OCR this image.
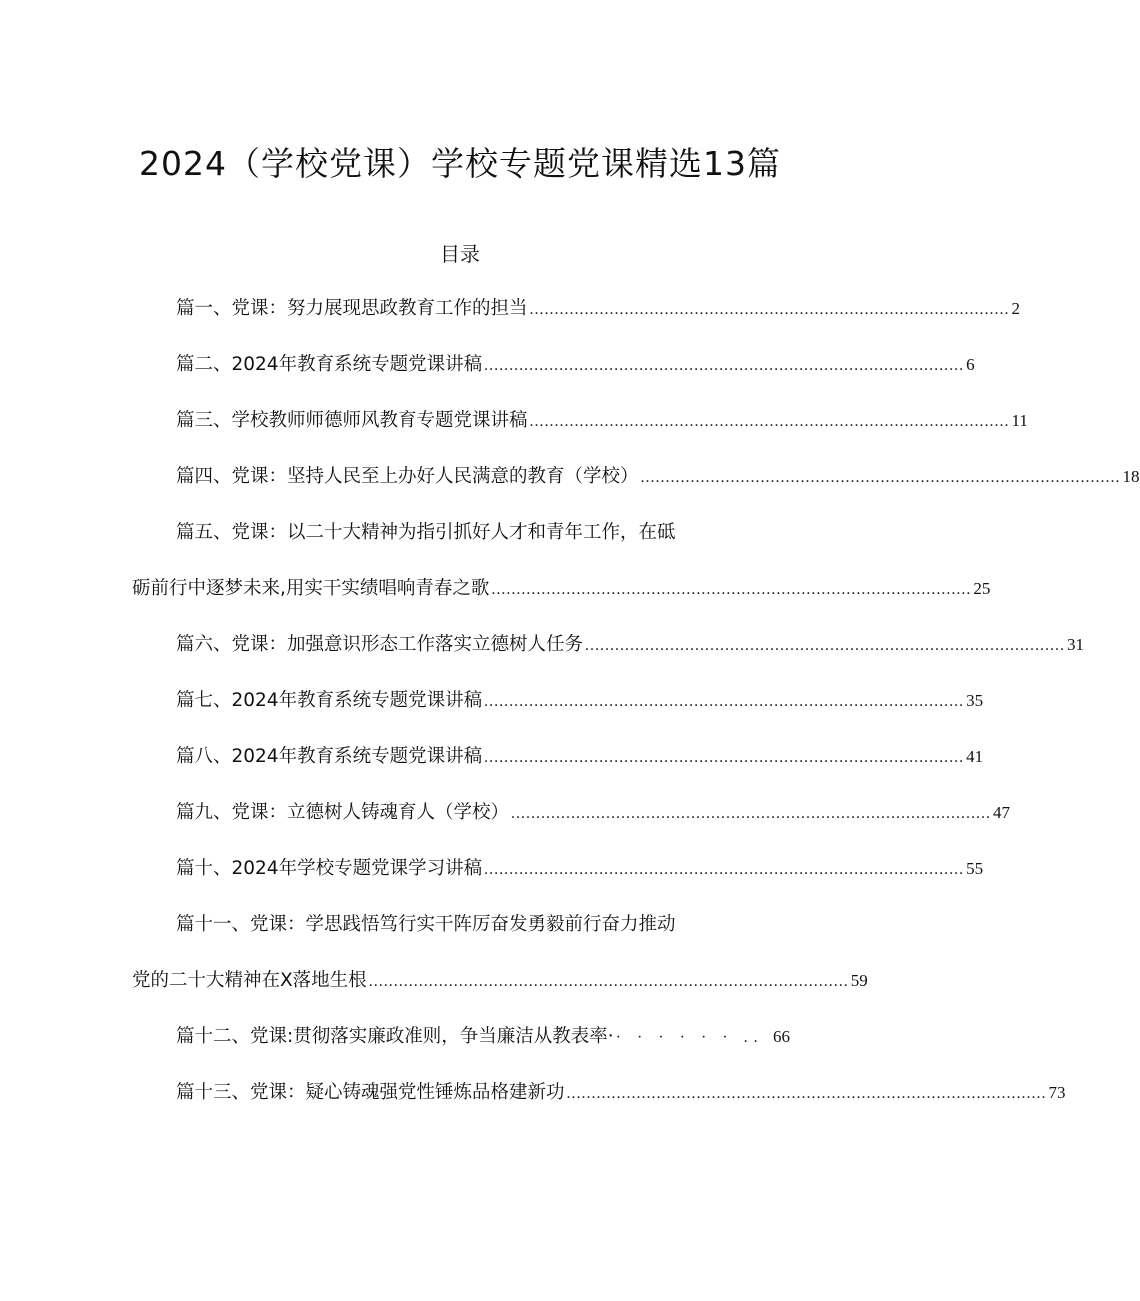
2024（学校党课）学校专题党课精选13篇
目录
篇一、党课：努力展现思政教育工作的担当 ................................................................................................ 2
篇二、2024年教育系统专题党课讲稿 ................................................................................................ 6
篇三、学校教师师德师风教育专题党课讲稿 ................................................................................................ 11
篇四、党课：坚持人民至上办好人民满意的教育（学校） ................................................................................................ 18
篇五、党课：以二十大精神为指引抓好人才和青年工作，在砥
砺前行中逐梦未来,用实干实绩唱响青春之歌 ................................................................................................ 25
篇六、党课：加强意识形态工作落实立德树人任务 ................................................................................................ 31
篇七、2024年教育系统专题党课讲稿 ................................................................................................ 35
篇八、2024年教育系统专题党课讲稿 ................................................................................................ 41
篇九、党课：立德树人铸魂育人（学校） ................................................................................................ 47
篇十、2024年学校专题党课学习讲稿 ................................................................................................ 55
篇十一、党课：学思践悟笃行实干阵厉奋发勇毅前行奋力推动
党的二十大精神在X落地生根 ................................................................................................ 59
篇十二、党课:贯彻落实廉政准则，争当廉洁从教表率· · · · · · · .. 66
篇十三、党课：疑心铸魂强党性锤炼品格建新功 ................................................................................................ 73
